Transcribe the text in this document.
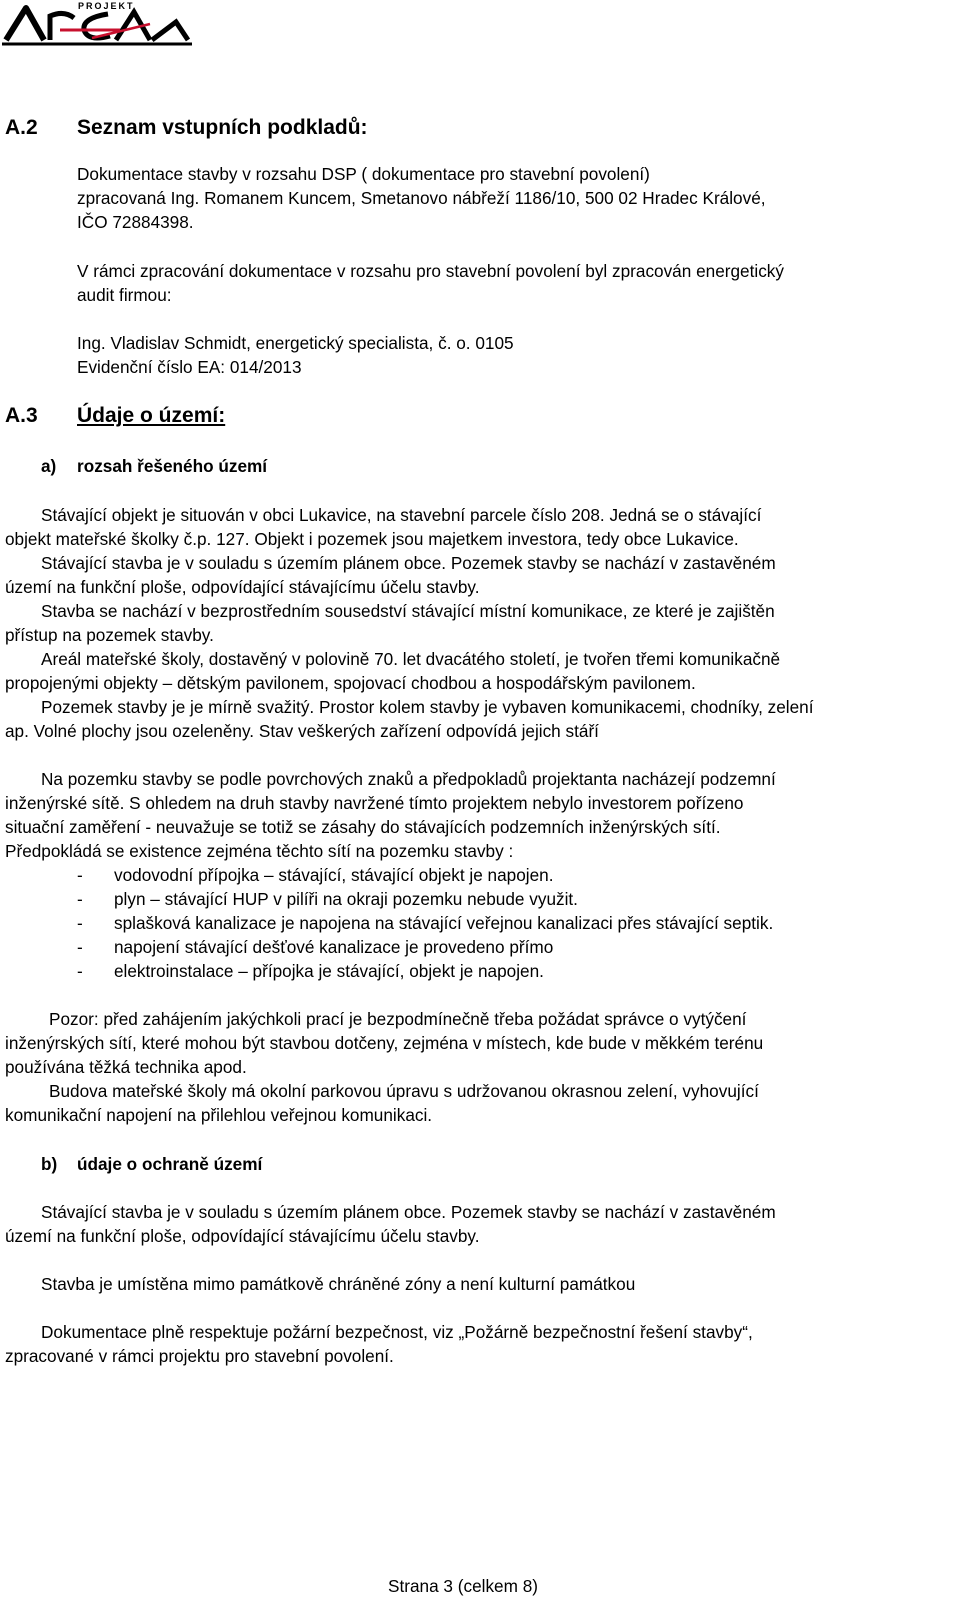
PROJEKT
A.2 Seznam vstupních podkladů:
Dokumentace stavby v rozsahu DSP ( dokumentace pro stavební povolení)
zpracovaná Ing. Romanem Kuncem, Smetanovo nábřeží 1186/10, 500 02 Hradec Králové,
IČO 72884398.
V rámci zpracování dokumentace v rozsahu pro stavební povolení byl zpracován energetický
audit firmou:
Ing. Vladislav Schmidt, energetický specialista, č. o. 0105
Evidenční číslo EA: 014/2013
A.3 Údaje o území:
a) rozsah řešeného území
Stávající objekt je situován v obci Lukavice, na stavební parcele číslo 208. Jedná se o stávající
objekt mateřské školky č.p. 127. Objekt i pozemek jsou majetkem investora, tedy obce Lukavice.
Stávající stavba je v souladu s územím plánem obce. Pozemek stavby se nachází v zastavěném
území na funkční ploše, odpovídající stávajícímu účelu stavby.
Stavba se nachází v bezprostředním sousedství stávající místní komunikace, ze které je zajištěn
přístup na pozemek stavby.
Areál mateřské školy, dostavěný v polovině 70. let dvacátého století, je tvořen třemi komunikačně
propojenými objekty – dětským pavilonem, spojovací chodbou a hospodářským pavilonem.
Pozemek stavby je je mírně svažitý. Prostor kolem stavby je vybaven komunikacemi, chodníky, zelení
ap. Volné plochy jsou ozeleněny. Stav veškerých zařízení odpovídá jejich stáří
Na pozemku stavby se podle povrchových znaků a předpokladů projektanta nacházejí podzemní
inženýrské sítě. S ohledem na druh stavby navržené tímto projektem nebylo investorem pořízeno
situační zaměření - neuvažuje se totiž se zásahy do stávajících podzemních inženýrských sítí.
Předpokládá se existence zejména těchto sítí na pozemku stavby :
- vodovodní přípojka – stávající, stávající objekt je napojen.
- plyn – stávající HUP v pilíři na okraji pozemku nebude využit.
- splašková kanalizace je napojena na stávající veřejnou kanalizaci přes stávající septik.
- napojení stávající dešťové kanalizace je provedeno přímo
- elektroinstalace – přípojka je stávající, objekt je napojen.
Pozor: před zahájením jakýchkoli prací je bezpodmínečně třeba požádat správce o vytýčení
inženýrských sítí, které mohou být stavbou dotčeny, zejména v místech, kde bude v měkkém terénu
používána těžká technika apod.
Budova mateřské školy má okolní parkovou úpravu s udržovanou okrasnou zelení, vyhovující
komunikační napojení na přilehlou veřejnou komunikaci.
b) údaje o ochraně území
Stávající stavba je v souladu s územím plánem obce. Pozemek stavby se nachází v zastavěném
území na funkční ploše, odpovídající stávajícímu účelu stavby.
Stavba je umístěna mimo památkově chráněné zóny a není kulturní památkou
Dokumentace plně respektuje požární bezpečnost, viz „Požárně bezpečnostní řešení stavby“,
zpracované v rámci projektu pro stavební povolení.
Strana 3 (celkem 8)
